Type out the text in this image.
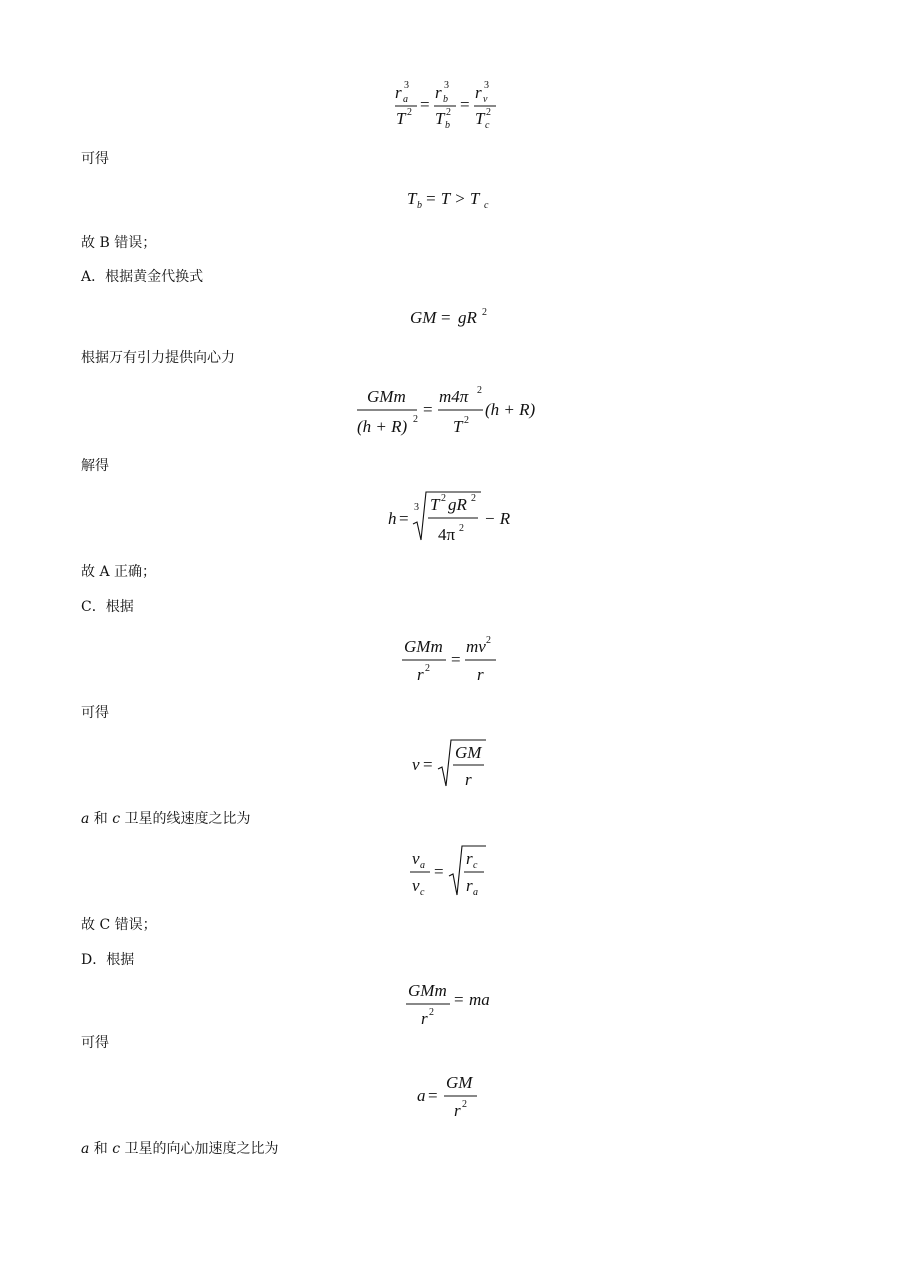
r a
3
T 2 =
r b
3
T b
2 =
r v
3
T c
2
可得
T b = T > T c
故 B 错误；
A．根据黄金代换式
GM = gR 2
根据万有引力提供向心力
GMm
(h + R) 2
=
m4π 2
T 2
(h + R)
解得
h =
3 T 2 gR 2
4π 2
− R
故 A 正确；
C．根据
GMm
r 2 =
mv 2
r
可得
v =
GM
r
a 和 c 卫星的线速度之比为
v a
v c
=
r c
r a
故 C 错误；
D．根据
GMm
r 2
= ma
可得
a =
GM
r 2
a 和 c 卫星的向心加速度之比为
